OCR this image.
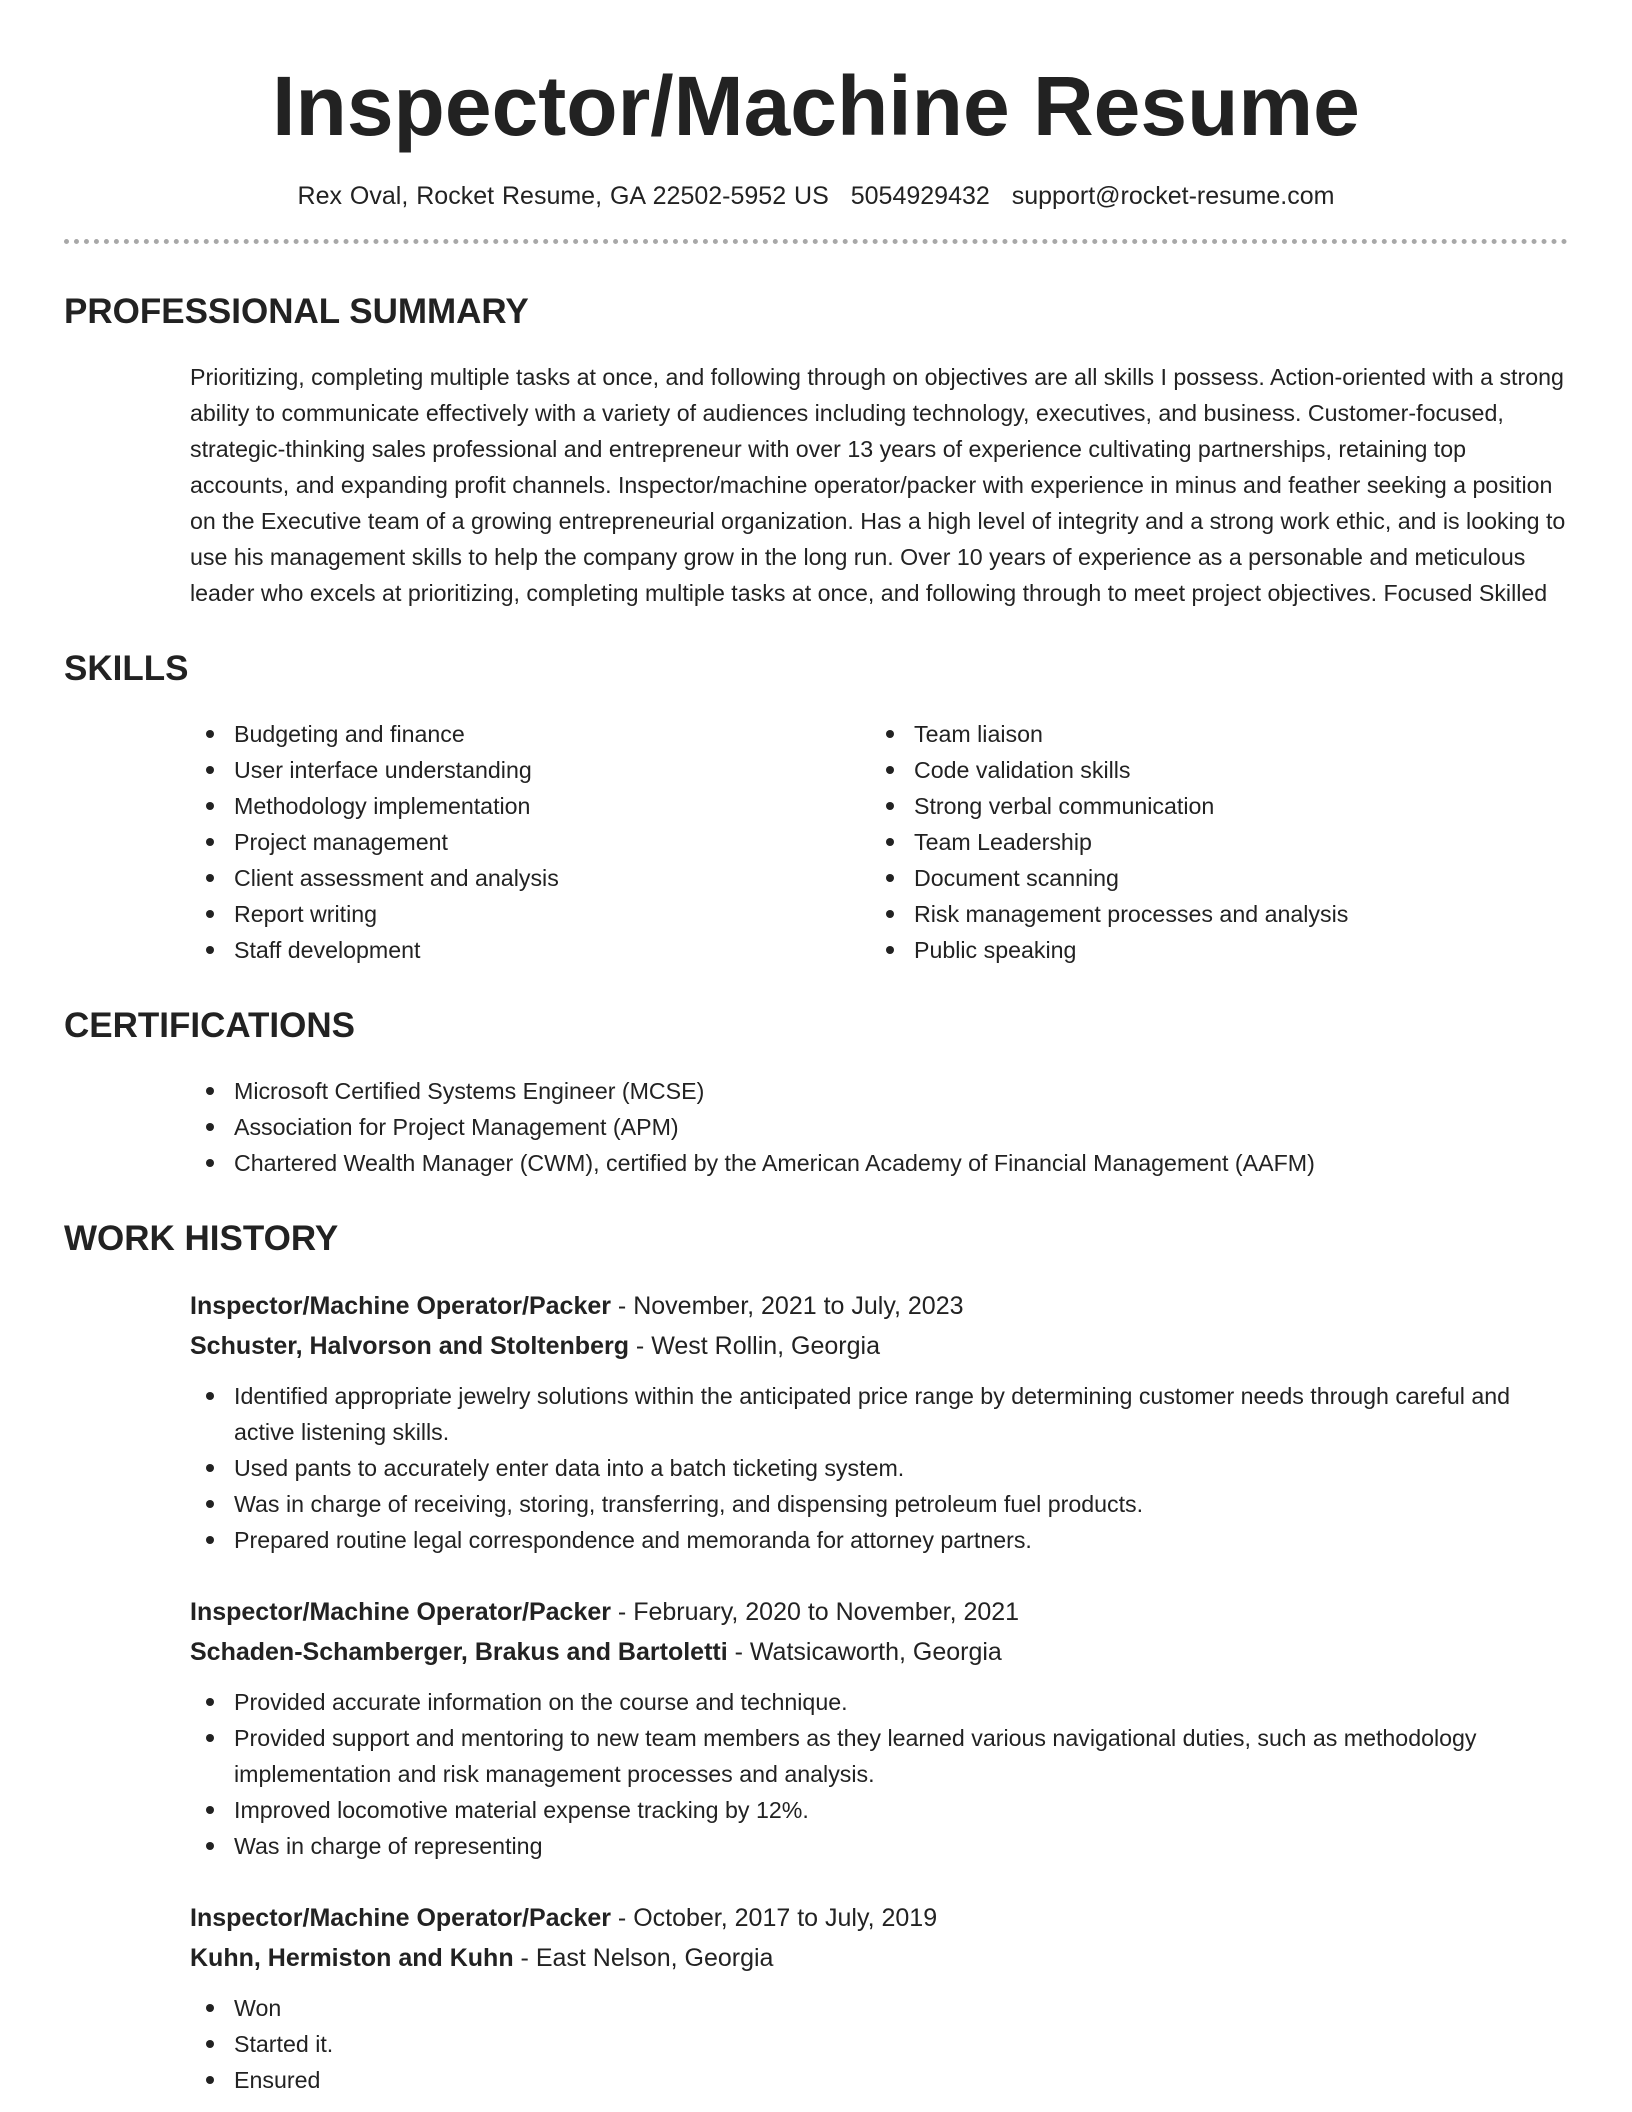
Inspector/Machine Resume
Rex Oval, Rocket Resume, GA 22502-5952 US 5054929432 support@rocket-resume.com
PROFESSIONAL SUMMARY

Prioritizing, completing multiple tasks at once, and following through on objectives are all skills I possess. Action-oriented with a strong ability to communicate effectively with a variety of audiences including technology, executives, and business. Customer-focused, strategic-thinking sales professional and entrepreneur with over 13 years of experience cultivating partnerships, retaining top accounts, and expanding profit channels. Inspector/machine operator/packer with experience in minus and feather seeking a position on the Executive team of a growing entrepreneurial organization. Has a high level of integrity and a strong work ethic, and is looking to use his management skills to help the company grow in the long run. Over 10 years of experience as a personable and meticulous leader who excels at prioritizing, completing multiple tasks at once, and following through to meet project objectives. Focused Skilled

SKILLS
Budgeting and finance
User interface understanding
Methodology implementation
Project management
Client assessment and analysis
Report writing
Staff development
Team liaison
Code validation skills
Strong verbal communication
Team Leadership
Document scanning
Risk management processes and analysis
Public speaking
CERTIFICATIONS
Microsoft Certified Systems Engineer (MCSE)
Association for Project Management (APM)
Chartered Wealth Manager (CWM), certified by the American Academy of Financial Management (AAFM)
WORK HISTORY
Inspector/Machine Operator/Packer - November, 2021 to July, 2023
Schuster, Halvorson and Stoltenberg - West Rollin, Georgia
Identified appropriate jewelry solutions within the anticipated price range by determining customer needs through careful and active listening skills.
Used pants to accurately enter data into a batch ticketing system.
Was in charge of receiving, storing, transferring, and dispensing petroleum fuel products.
Prepared routine legal correspondence and memoranda for attorney partners.
Inspector/Machine Operator/Packer - February, 2020 to November, 2021
Schaden-Schamberger, Brakus and Bartoletti - Watsicaworth, Georgia
Provided accurate information on the course and technique.
Provided support and mentoring to new team members as they learned various navigational duties, such as methodology implementation and risk management processes and analysis.
Improved locomotive material expense tracking by 12%.
Was in charge of representing
Inspector/Machine Operator/Packer - October, 2017 to July, 2019
Kuhn, Hermiston and Kuhn - East Nelson, Georgia
Won
Started it.
Ensured
